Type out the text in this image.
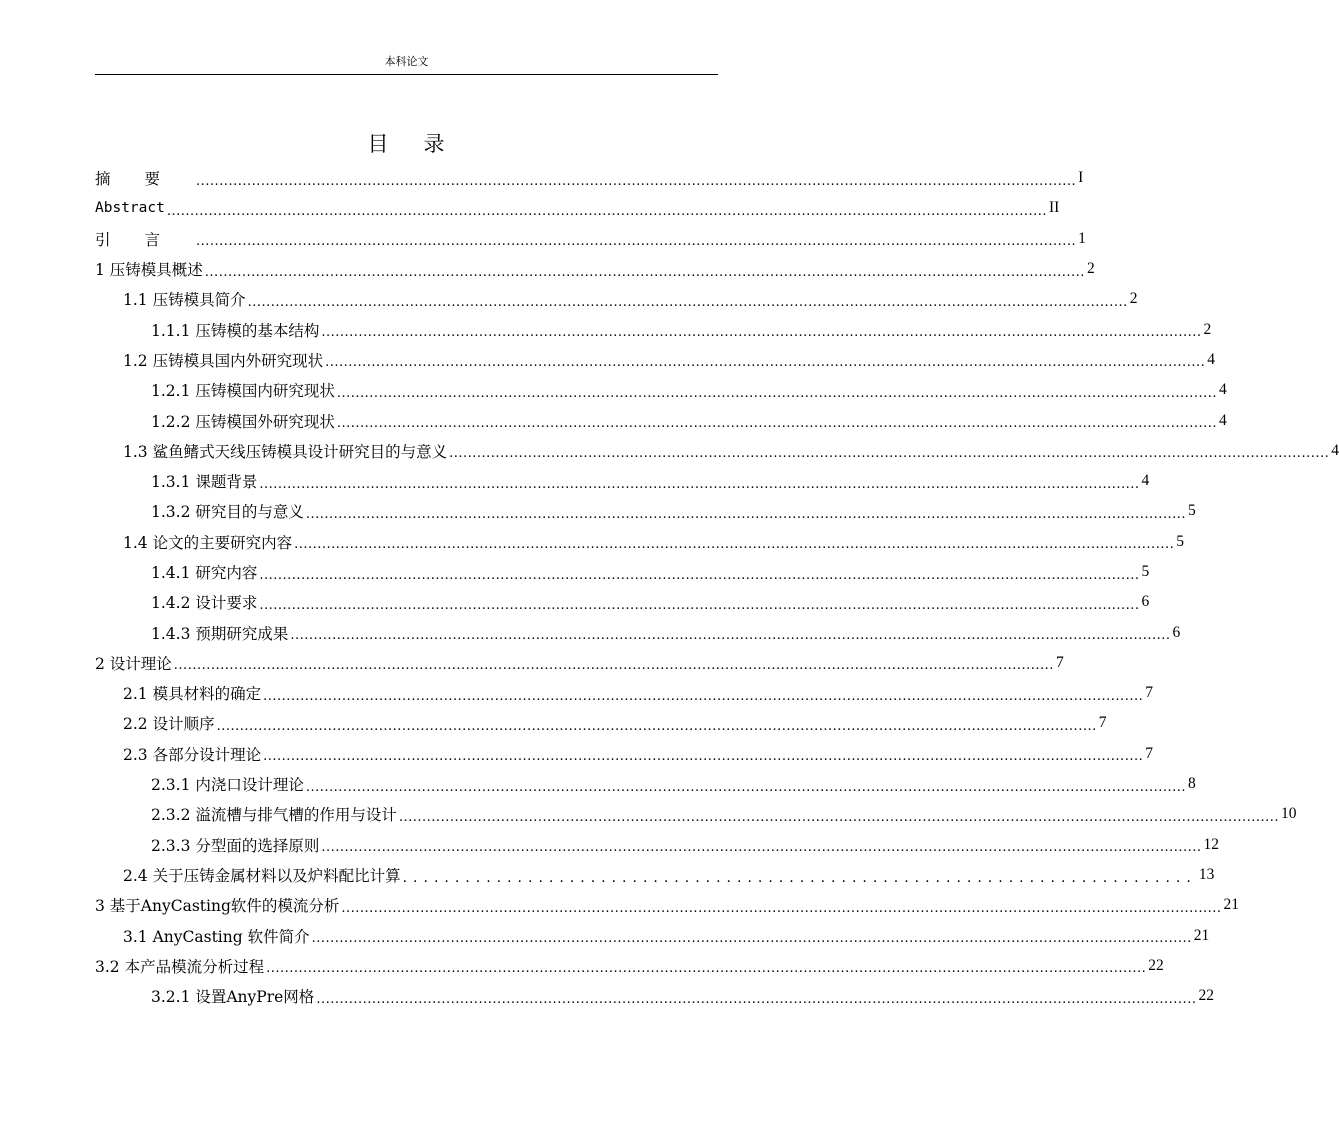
本科论文
目 录
摘要 .............................................................................................................................................................................................. I
Abstract .............................................................................................................................................................................................. II
引言 .............................................................................................................................................................................................. 1
1 压铸模具概述 .............................................................................................................................................................................................. 2
1.1 压铸模具简介 .............................................................................................................................................................................................. 2
1.1.1 压铸模的基本结构 .............................................................................................................................................................................................. 2
1.2 压铸模具国内外研究现状 .............................................................................................................................................................................................. 4
1.2.1 压铸模国内研究现状 .............................................................................................................................................................................................. 4
1.2.2 压铸模国外研究现状 .............................................................................................................................................................................................. 4
1.3 鲨鱼鳍式天线压铸模具设计研究目的与意义 .............................................................................................................................................................................................. 4
1.3.1 课题背景 .............................................................................................................................................................................................. 4
1.3.2 研究目的与意义 .............................................................................................................................................................................................. 5
1.4 论文的主要研究内容 .............................................................................................................................................................................................. 5
1.4.1 研究内容 .............................................................................................................................................................................................. 5
1.4.2 设计要求 .............................................................................................................................................................................................. 6
1.4.3 预期研究成果 .............................................................................................................................................................................................. 6
2 设计理论 .............................................................................................................................................................................................. 7
2.1 模具材料的确定 .............................................................................................................................................................................................. 7
2.2 设计顺序 .............................................................................................................................................................................................. 7
2.3 各部分设计理论 .............................................................................................................................................................................................. 7
2.3.1 内浇口设计理论 .............................................................................................................................................................................................. 8
2.3.2 溢流槽与排气槽的作用与设计 .............................................................................................................................................................................................. 10
2.3.3 分型面的选择原则 .............................................................................................................................................................................................. 12
2.4 关于压铸金属材料以及炉料配比计算 ............................................................................ 13
3 基于AnyCasting软件的模流分析 .............................................................................................................................................................................................. 21
3.1 AnyCasting 软件简介 .............................................................................................................................................................................................. 21
3.2 本产品模流分析过程 .............................................................................................................................................................................................. 22
3.2.1 设置AnyPre网格 .............................................................................................................................................................................................. 22
